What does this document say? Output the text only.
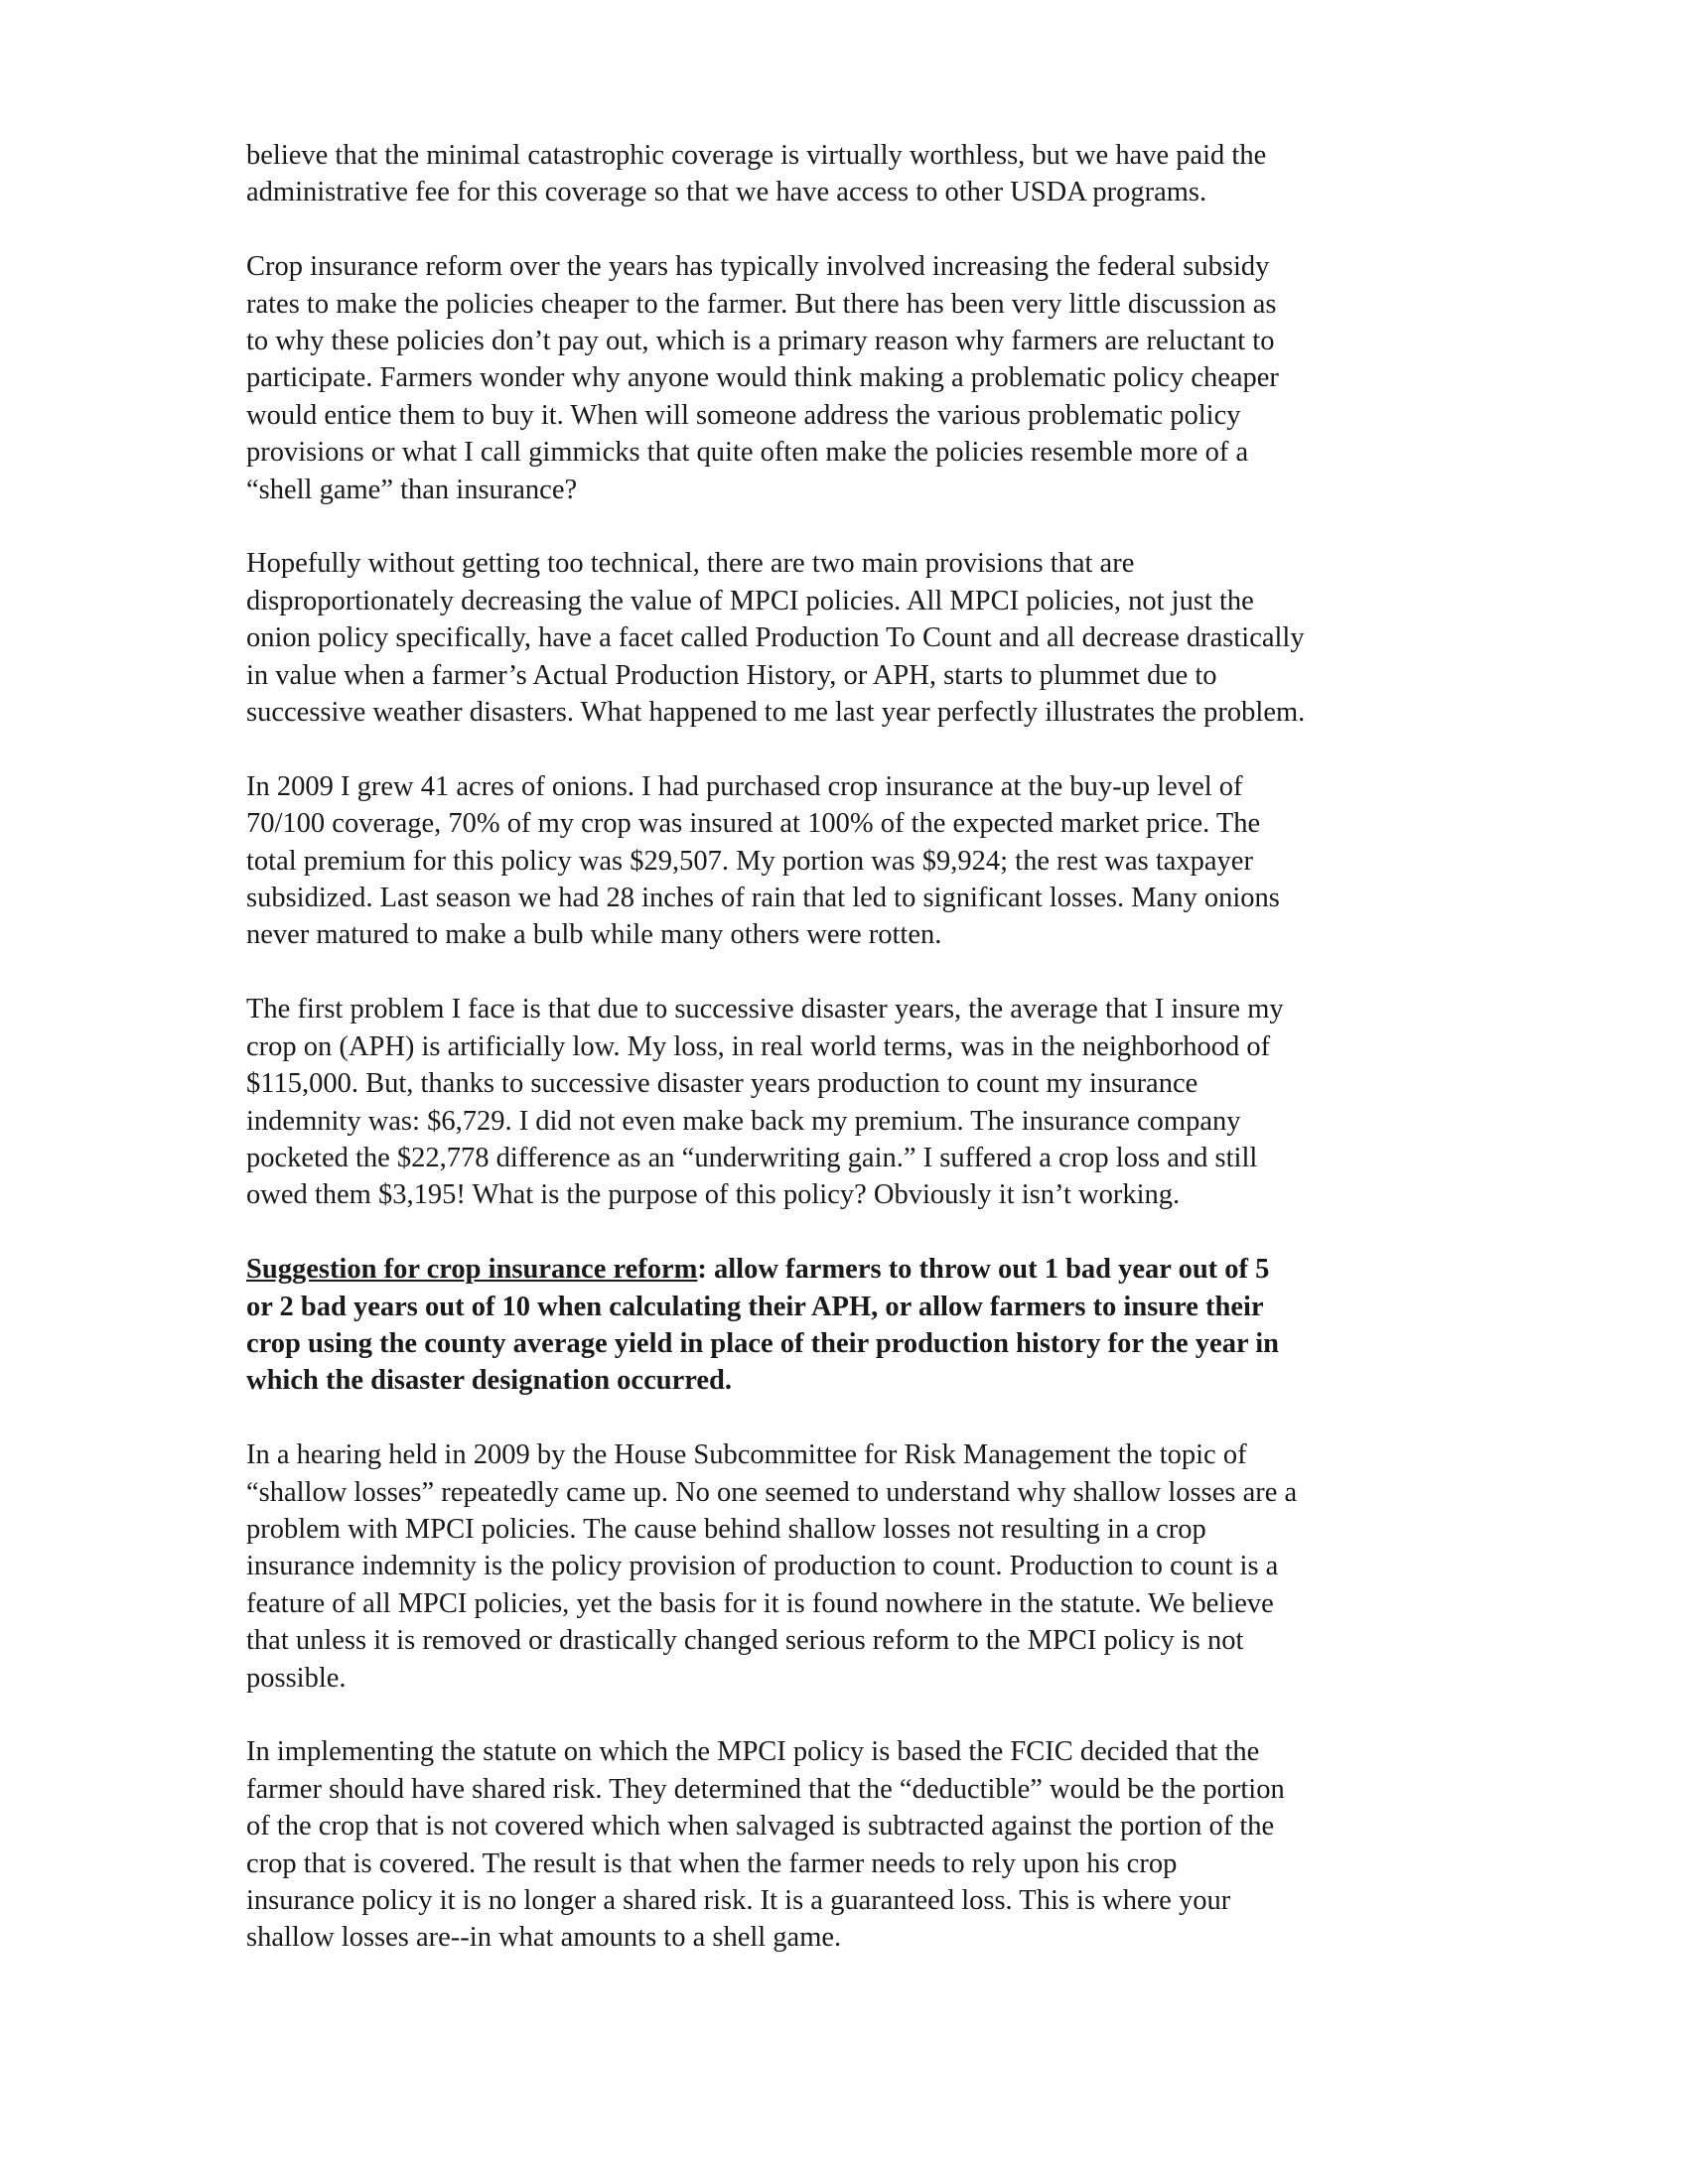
believe that the minimal catastrophic coverage is virtually worthless, but we have paid the
administrative fee for this coverage so that we have access to other USDA programs.

Crop insurance reform over the years has typically involved increasing the federal subsidy
rates to make the policies cheaper to the farmer. But there has been very little discussion as
to why these policies don’t pay out, which is a primary reason why farmers are reluctant to
participate. Farmers wonder why anyone would think making a problematic policy cheaper
would entice them to buy it. When will someone address the various problematic policy
provisions or what I call gimmicks that quite often make the policies resemble more of a
“shell game” than insurance?

Hopefully without getting too technical, there are two main provisions that are
disproportionately decreasing the value of MPCI policies. All MPCI policies, not just the
onion policy specifically, have a facet called Production To Count and all decrease drastically
in value when a farmer’s Actual Production History, or APH, starts to plummet due to
successive weather disasters. What happened to me last year perfectly illustrates the problem.

In 2009 I grew 41 acres of onions. I had purchased crop insurance at the buy-up level of
70/100 coverage, 70% of my crop was insured at 100% of the expected market price. The
total premium for this policy was $29,507. My portion was $9,924; the rest was taxpayer
subsidized. Last season we had 28 inches of rain that led to significant losses. Many onions
never matured to make a bulb while many others were rotten.

The first problem I face is that due to successive disaster years, the average that I insure my
crop on (APH) is artificially low. My loss, in real world terms, was in the neighborhood of
$115,000. But, thanks to successive disaster years production to count my insurance
indemnity was: $6,729. I did not even make back my premium. The insurance company
pocketed the $22,778 difference as an “underwriting gain.” I suffered a crop loss and still
owed them $3,195! What is the purpose of this policy? Obviously it isn’t working.

Suggestion for crop insurance reform: allow farmers to throw out 1 bad year out of 5
or 2 bad years out of 10 when calculating their APH, or allow farmers to insure their
crop using the county average yield in place of their production history for the year in
which the disaster designation occurred.

In a hearing held in 2009 by the House Subcommittee for Risk Management the topic of
“shallow losses” repeatedly came up. No one seemed to understand why shallow losses are a
problem with MPCI policies. The cause behind shallow losses not resulting in a crop
insurance indemnity is the policy provision of production to count. Production to count is a
feature of all MPCI policies, yet the basis for it is found nowhere in the statute. We believe
that unless it is removed or drastically changed serious reform to the MPCI policy is not
possible.

In implementing the statute on which the MPCI policy is based the FCIC decided that the
farmer should have shared risk. They determined that the “deductible” would be the portion
of the crop that is not covered which when salvaged is subtracted against the portion of the
crop that is covered. The result is that when the farmer needs to rely upon his crop
insurance policy it is no longer a shared risk. It is a guaranteed loss. This is where your
shallow losses are--in what amounts to a shell game.
